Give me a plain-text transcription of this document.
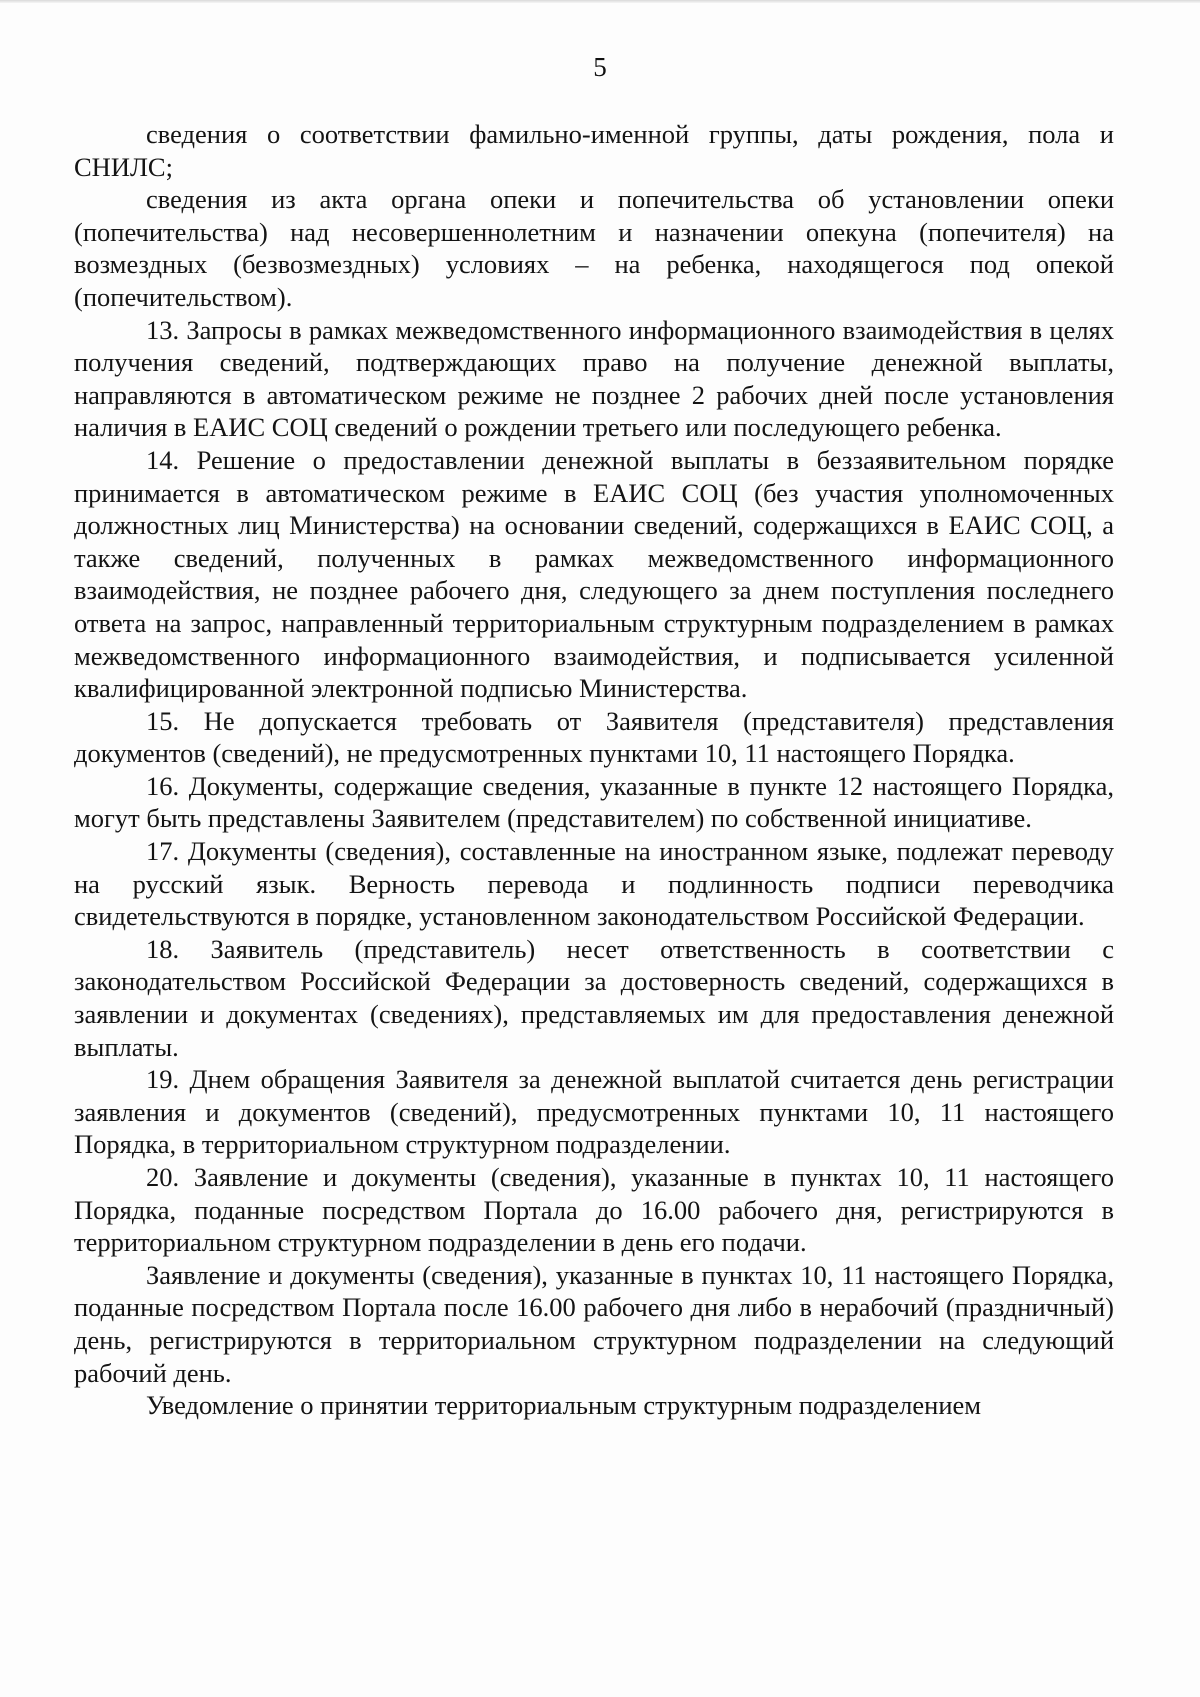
5

сведения о соответствии фамильно-именной группы, даты рождения, пола и СНИЛС;

сведения из акта органа опеки и попечительства об установлении опеки (попечительства) над несовершеннолетним и назначении опекуна (попечителя) на возмездных (безвозмездных) условиях – на ребенка, находящегося под опекой (попечительством).

13. Запросы в рамках межведомственного информационного взаимодействия в целях получения сведений, подтверждающих право на получение денежной выплаты, направляются в автоматическом режиме не позднее 2 рабочих дней после установления наличия в ЕАИС СОЦ сведений о рождении третьего или последующего ребенка.

14. Решение о предоставлении денежной выплаты в беззаявительном порядке принимается в автоматическом режиме в ЕАИС СОЦ (без участия уполномоченных должностных лиц Министерства) на основании сведений, содержащихся в ЕАИС СОЦ, а также сведений, полученных в рамках межведомственного информационного взаимодействия, не позднее рабочего дня, следующего за днем поступления последнего ответа на запрос, направленный территориальным структурным подразделением в рамках межведомственного информационного взаимодействия, и подписывается усиленной квалифицированной электронной подписью Министерства.

15. Не допускается требовать от Заявителя (представителя) представления документов (сведений), не предусмотренных пунктами 10, 11 настоящего Порядка.

16. Документы, содержащие сведения, указанные в пункте 12 настоящего Порядка, могут быть представлены Заявителем (представителем) по собственной инициативе.

17. Документы (сведения), составленные на иностранном языке, подлежат переводу на русский язык. Верность перевода и подлинность подписи переводчика свидетельствуются в порядке, установленном законодательством Российской Федерации.

18. Заявитель (представитель) несет ответственность в соответствии с законодательством Российской Федерации за достоверность сведений, содержащихся в заявлении и документах (сведениях), представляемых им для предоставления денежной выплаты.

19. Днем обращения Заявителя за денежной выплатой считается день регистрации заявления и документов (сведений), предусмотренных пунктами 10, 11 настоящего Порядка, в территориальном структурном подразделении.

20. Заявление и документы (сведения), указанные в пунктах 10, 11 настоящего Порядка, поданные посредством Портала до 16.00 рабочего дня, регистрируются в территориальном структурном подразделении в день его подачи.

Заявление и документы (сведения), указанные в пунктах 10, 11 настоящего Порядка, поданные посредством Портала после 16.00 рабочего дня либо в нерабочий (праздничный) день, регистрируются в территориальном структурном подразделении на следующий рабочий день.

Уведомление о принятии территориальным структурным подразделением
